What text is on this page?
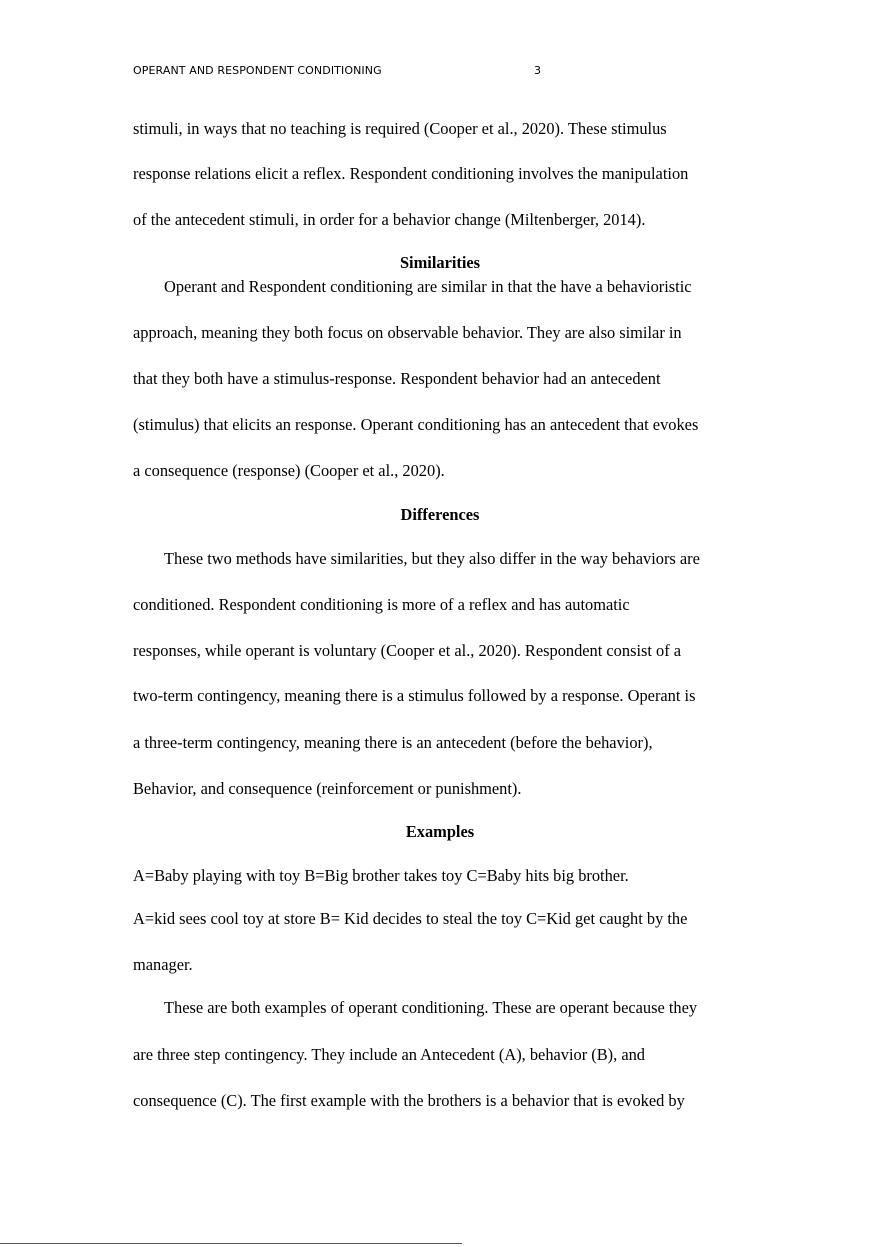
OPERANT AND RESPONDENT CONDITIONING	3
stimuli, in ways that no teaching is required (Cooper et al., 2020). These stimulus
response relations elicit a reflex. Respondent conditioning involves the manipulation
of the antecedent stimuli, in order for a behavior change (Miltenberger, 2014).
Similarities
Operant and Respondent conditioning are similar in that the have a behavioristic
approach, meaning they both focus on observable behavior. They are also similar in
that they both have a stimulus-response. Respondent behavior had an antecedent
(stimulus) that elicits an response. Operant conditioning has an antecedent that evokes
a consequence (response) (Cooper et al., 2020).
Differences
These two methods have similarities, but they also differ in the way behaviors are
conditioned. Respondent conditioning is more of a reflex and has automatic
responses, while operant is voluntary (Cooper et al., 2020). Respondent consist of a
two-term contingency, meaning there is a stimulus followed by a response. Operant is
a three-term contingency, meaning there is an antecedent (before the behavior),
Behavior, and consequence (reinforcement or punishment).
Examples
A=Baby playing with toy B=Big brother takes toy C=Baby hits big brother.
A=kid sees cool toy at store B= Kid decides to steal the toy C=Kid get caught by the
manager.
These are both examples of operant conditioning. These are operant because they
are three step contingency. They include an Antecedent (A), behavior (B), and
consequence (C). The first example with the brothers is a behavior that is evoked by
